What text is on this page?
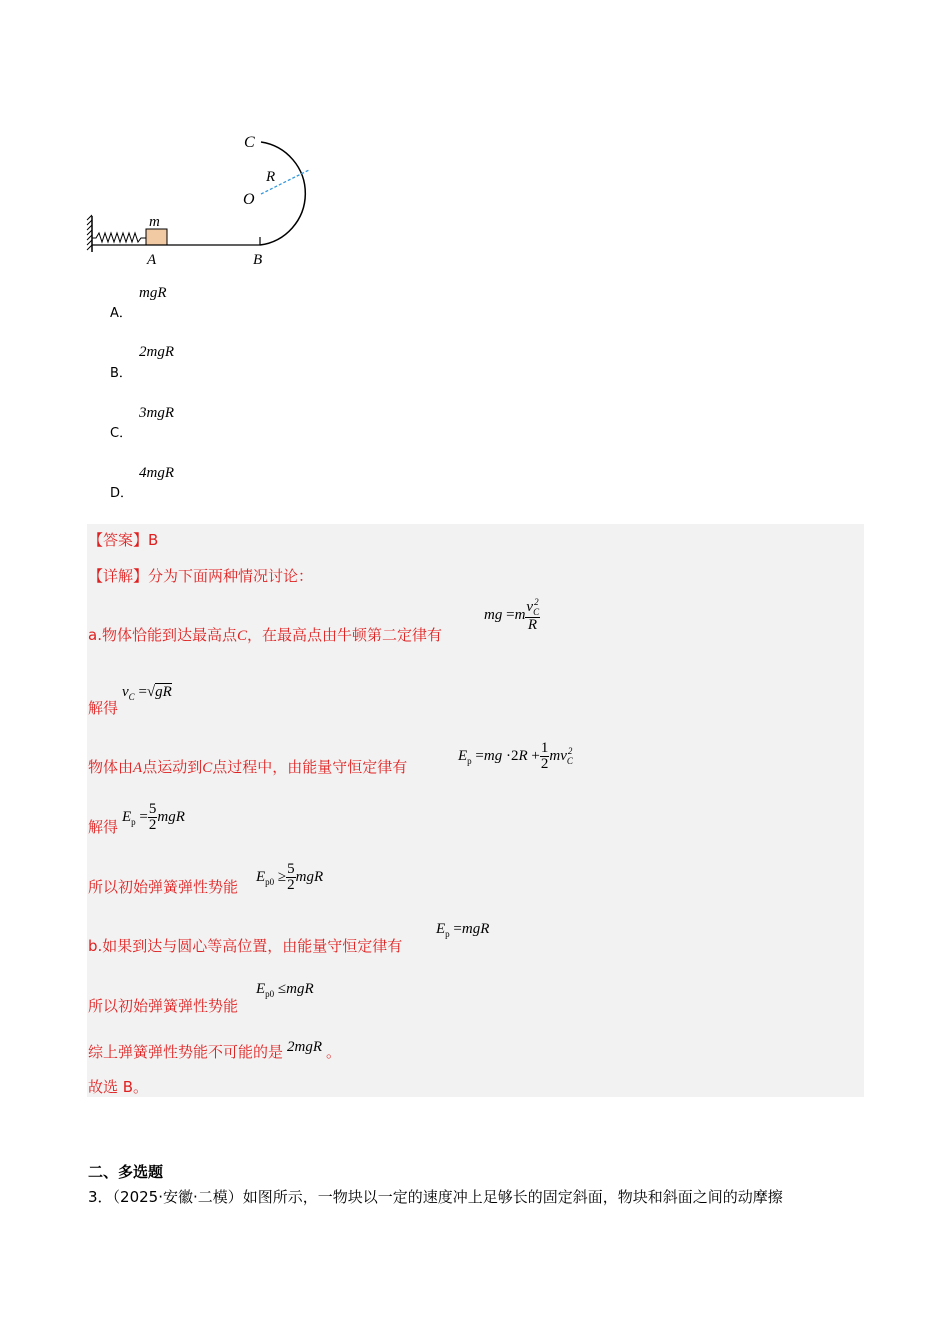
m
A	B
C
O
R
A．
mgR
B．
2mgR
C．
3mgR
D．
4mgR
【答案】B
【详解】分为下面两种情况讨论：
a.物体恰能到达最高点C，在最高点由牛顿第二定律有
mg $=m \frac{v_C^2}{R}$
解得
$v_C =√gR$
物体由A点运动到C点过程中，由能量守恒定律有
$E_p =mg \cdot 2R + \frac{1}{2} mv_C^2$
解得
$E_p = \frac{5}{2}$ mgR
所以初始弹簧弹性势能
$E_{p0} \ge \frac{5}{2}$ mgR
b.如果到达与圆心等高位置，由能量守恒定律有
$E_p =mgR$
所以初始弹簧弹性势能
$E_{p0} \le mgR$
综上弹簧弹性势能不可能的是 2mgR 。
故选 B。
二、多选题
3．（2025·安徽·二模）如图所示，一物块以一定的速度冲上足够长的固定斜面，物块和斜面之间的动摩擦
